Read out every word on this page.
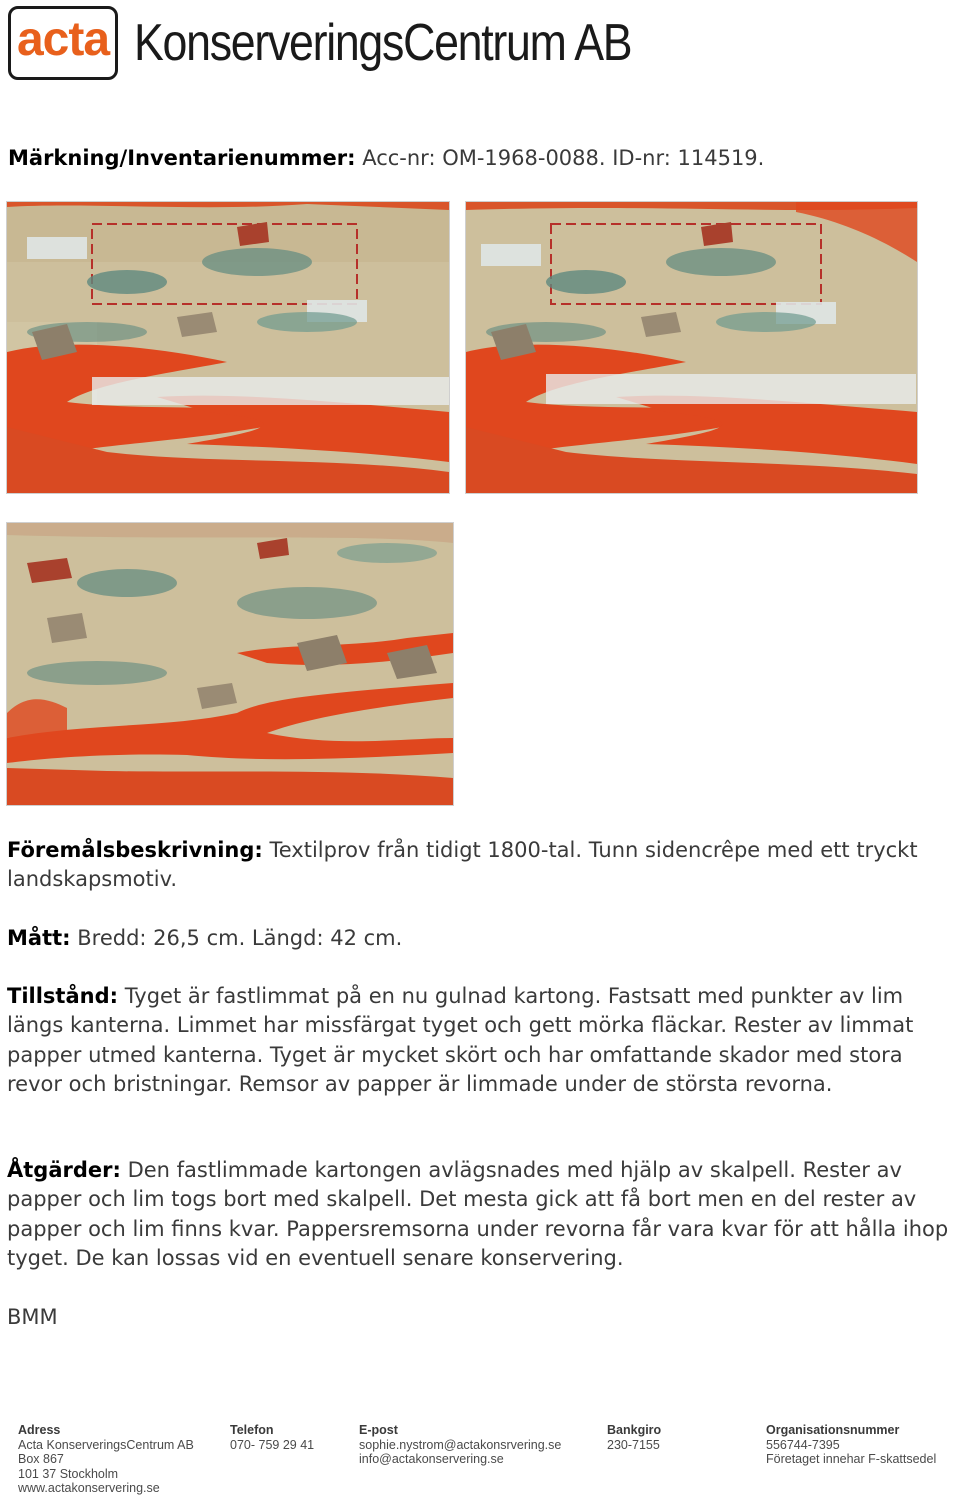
acta KonserveringsCentrum AB
Märkning/Inventarienummer: Acc-nr: OM-1968-0088. ID-nr: 114519.
Föremålsbeskrivning: Textilprov från tidigt 1800-tal. Tunn sidencrêpe med ett tryckt landskapsmotiv.
Mått: Bredd: 26,5 cm. Längd: 42 cm.
Tillstånd: Tyget är fastlimmat på en nu gulnad kartong. Fastsatt med punkter av lim längs kanterna. Limmet har missfärgat tyget och gett mörka fläckar. Rester av limmat papper utmed kanterna. Tyget är mycket skört och har omfattande skador med stora revor och bristningar. Remsor av papper är limmade under de största revorna.
Åtgärder: Den fastlimmade kartongen avlägsnades med hjälp av skalpell. Rester av papper och lim togs bort med skalpell. Det mesta gick att få bort men en del rester av papper och lim finns kvar. Pappersremsorna under revorna får vara kvar för att hålla ihop tyget. De kan lossas vid en eventuell senare konservering.
BMM
Adress
Acta KonserveringsCentrum AB
Box 867
101 37 Stockholm
www.actakonservering.se
Telefon
070- 759 29 41
E-post
sophie.nystrom@actakonsrvering.se
info@actakonservering.se
Bankgiro
230-7155
Organisationsnummer
556744-7395
Företaget innehar F-skattsedel
